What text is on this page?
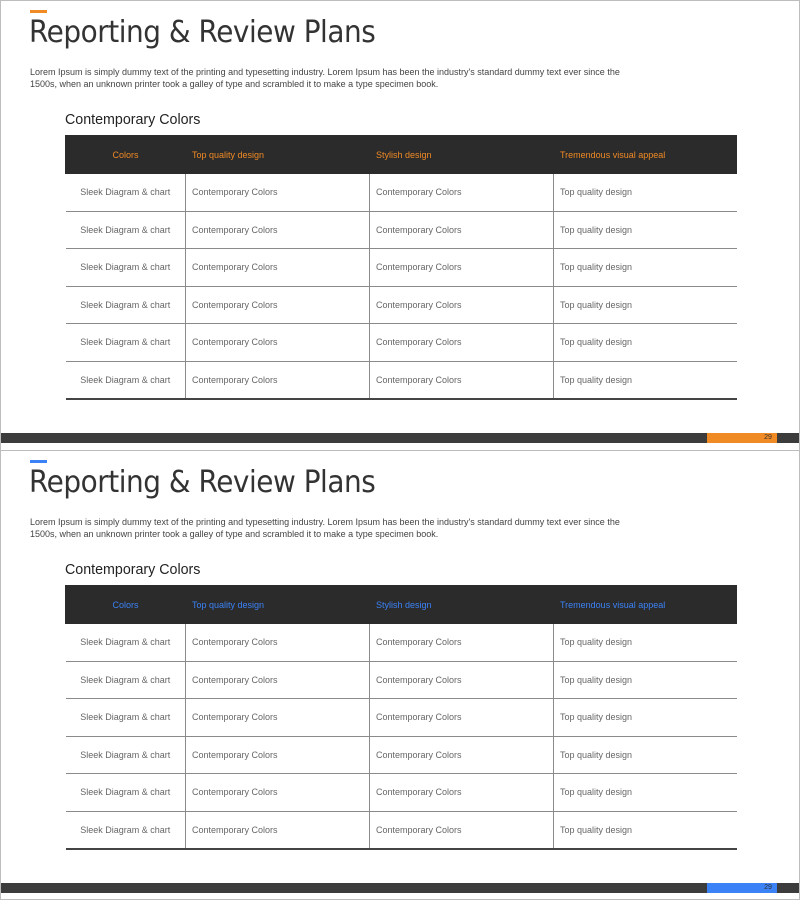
Reporting & Review Plans
Lorem Ipsum is simply dummy text of the printing and typesetting industry. Lorem Ipsum has been the industry's standard dummy text ever since the 1500s, when an unknown printer took a galley of type and scrambled it to make a type specimen book.
Contemporary Colors
Colors	Top quality design	Stylish design	Tremendous visual appeal
Sleek Diagram & chart	Contemporary Colors	Contemporary Colors	Top quality design
Sleek Diagram & chart	Contemporary Colors	Contemporary Colors	Top quality design
Sleek Diagram & chart	Contemporary Colors	Contemporary Colors	Top quality design
Sleek Diagram & chart	Contemporary Colors	Contemporary Colors	Top quality design
Sleek Diagram & chart	Contemporary Colors	Contemporary Colors	Top quality design
Sleek Diagram & chart	Contemporary Colors	Contemporary Colors	Top quality design
29
Reporting & Review Plans
Lorem Ipsum is simply dummy text of the printing and typesetting industry. Lorem Ipsum has been the industry's standard dummy text ever since the 1500s, when an unknown printer took a galley of type and scrambled it to make a type specimen book.
Contemporary Colors
Colors	Top quality design	Stylish design	Tremendous visual appeal
Sleek Diagram & chart	Contemporary Colors	Contemporary Colors	Top quality design
Sleek Diagram & chart	Contemporary Colors	Contemporary Colors	Top quality design
Sleek Diagram & chart	Contemporary Colors	Contemporary Colors	Top quality design
Sleek Diagram & chart	Contemporary Colors	Contemporary Colors	Top quality design
Sleek Diagram & chart	Contemporary Colors	Contemporary Colors	Top quality design
Sleek Diagram & chart	Contemporary Colors	Contemporary Colors	Top quality design
29
